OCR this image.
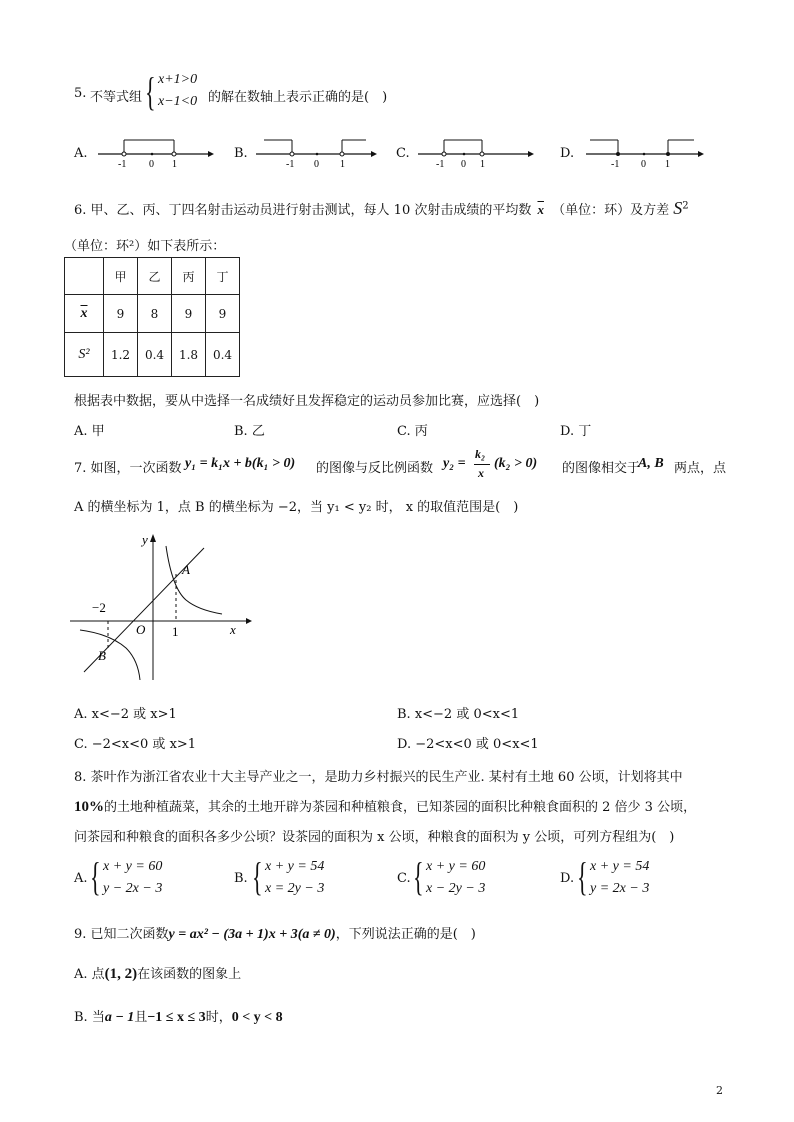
5. 不等式组 { x+1>0
x−1<0 的解在数轴上表示正确的是(　)
A.
-1 0 1
B.
-1 0 1
C.
-1 0 1
D.
-1 0 1
6. 甲、乙、丙、丁四名射击运动员进行射击测试，每人 10 次射击成绩的平均数 $\overline{x}$ （单位：环）及方差 $S^2$
（单位：环²）如下表所示：
	甲	乙	丙	丁
$\overline{x}$	9	8	9	9
S²	1.2	0.4	1.8	0.4
根据表中数据，要从中选择一名成绩好且发挥稳定的运动员参加比赛，应选择(　)
A. 甲	B. 乙	C. 丙	D. 丁
7. 如图，一次函数 y₁ = k₁x + b(k₁ > 0) 的图像与反比例函数 y₂ =
k₂
x
(k₂ > 0) 的图像相交于
A, B 两点，点
A 的横坐标为 1，点 B 的横坐标为 −2，当 y₁ < y₂ 时， x 的取值范围是(　)
y
x
O
A
B
−2
1
A. x<−2 或 x>1	B. x<−2 或 0<x<1
C. −2<x<0 或 x>1	D. −2<x<0 或 0<x<1
8. 茶叶作为浙江省农业十大主导产业之一，是助力乡村振兴的民生产业. 某村有土地 60 公顷，计划将其中
10%的土地种植蔬菜，其余的土地开辟为茶园和种植粮食，已知茶园的面积比种粮食面积的 2 倍少 3 公顷，
问茶园和种粮食的面积各多少公顷？设茶园的面积为 x 公顷，种粮食的面积为 y 公顷，可列方程组为(　)
A. { x + y = 60
y − 2x − 3
B. { x + y = 54
x = 2y − 3
C. { x + y = 60
x − 2y − 3
D. { x + y = 54
y = 2x − 3
9. 已知二次函数y = ax² − (3a + 1)x + 3(a ≠ 0)，下列说法正确的是(　)
A. 点(1, 2)在该函数的图象上
B. 当a − 1且−1 ≤ x ≤ 3时，0 < y < 8
2
